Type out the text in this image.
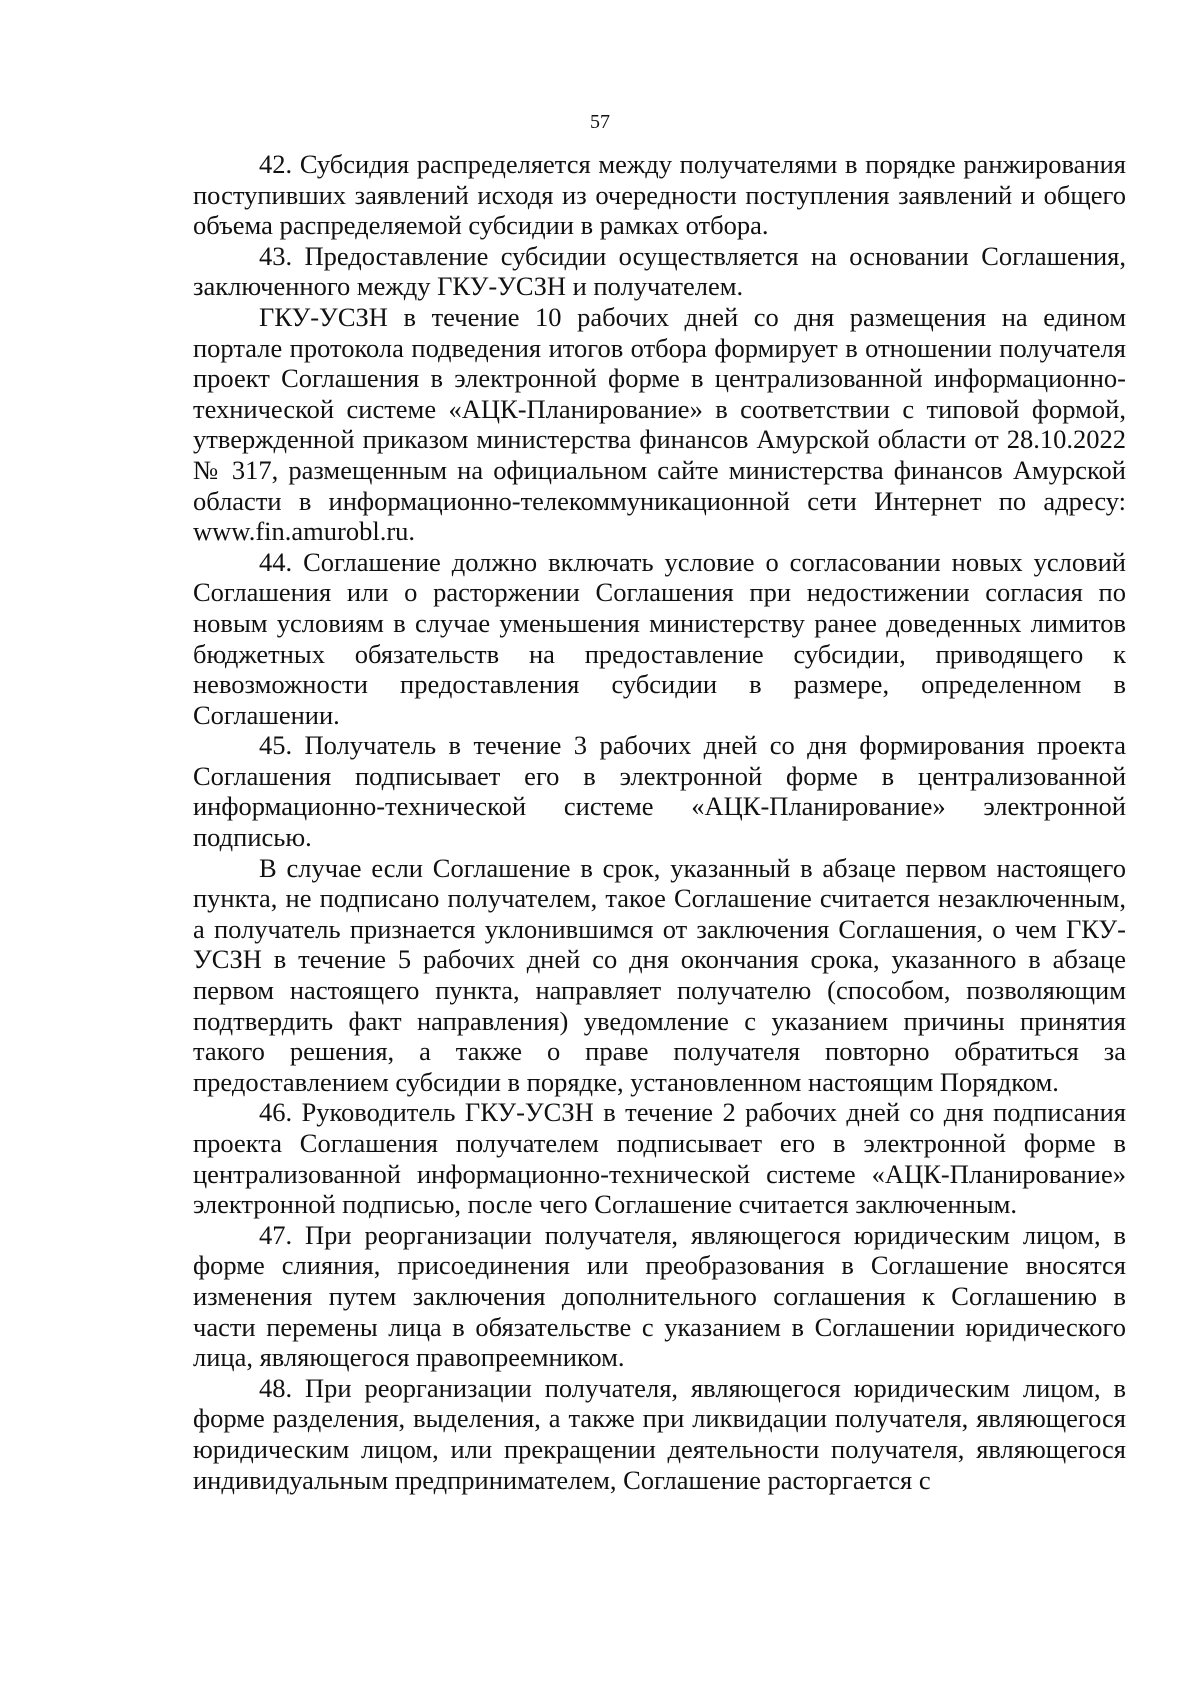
57

42. Субсидия распределяется между получателями в порядке ранжирования поступивших заявлений исходя из очередности поступления заявлений и общего объема распределяемой субсидии в рамках отбора.

43. Предоставление субсидии осуществляется на основании Соглашения, заключенного между ГКУ-УСЗН и получателем.

ГКУ-УСЗН в течение 10 рабочих дней со дня размещения на едином портале протокола подведения итогов отбора формирует в отношении получателя проект Соглашения в электронной форме в централизованной информационно-технической системе «АЦК-Планирование» в соответствии с типовой формой, утвержденной приказом министерства финансов Амурской области от 28.10.2022 № 317, размещенным на официальном сайте министерства финансов Амурской области в информационно-телекоммуникационной сети Интернет по адресу: www.fin.amurobl.ru.

44. Соглашение должно включать условие о согласовании новых условий Соглашения или о расторжении Соглашения при недостижении согласия по новым условиям в случае уменьшения министерству ранее доведенных лимитов бюджетных обязательств на предоставление субсидии, приводящего к невозможности предоставления субсидии в размере, определенном в Соглашении.

45. Получатель в течение 3 рабочих дней со дня формирования проекта Соглашения подписывает его в электронной форме в централизованной информационно-технической системе «АЦК-Планирование» электронной подписью.

В случае если Соглашение в срок, указанный в абзаце первом настоящего пункта, не подписано получателем, такое Соглашение считается незаключенным, а получатель признается уклонившимся от заключения Соглашения, о чем ГКУ-УСЗН в течение 5 рабочих дней со дня окончания срока, указанного в абзаце первом настоящего пункта, направляет получателю (способом, позволяющим подтвердить факт направления) уведомление с указанием причины принятия такого решения, а также о праве получателя повторно обратиться за предоставлением субсидии в порядке, установленном настоящим Порядком.

46. Руководитель ГКУ-УСЗН в течение 2 рабочих дней со дня подписания проекта Соглашения получателем подписывает его в электронной форме в централизованной информационно-технической системе «АЦК-Планирование» электронной подписью, после чего Соглашение считается заключенным.

47. При реорганизации получателя, являющегося юридическим лицом, в форме слияния, присоединения или преобразования в Соглашение вносятся изменения путем заключения дополнительного соглашения к Соглашению в части перемены лица в обязательстве с указанием в Соглашении юридического лица, являющегося правопреемником.

48. При реорганизации получателя, являющегося юридическим лицом, в форме разделения, выделения, а также при ликвидации получателя, являющегося юридическим лицом, или прекращении деятельности получателя, являющегося индивидуальным предпринимателем, Соглашение расторгается с
